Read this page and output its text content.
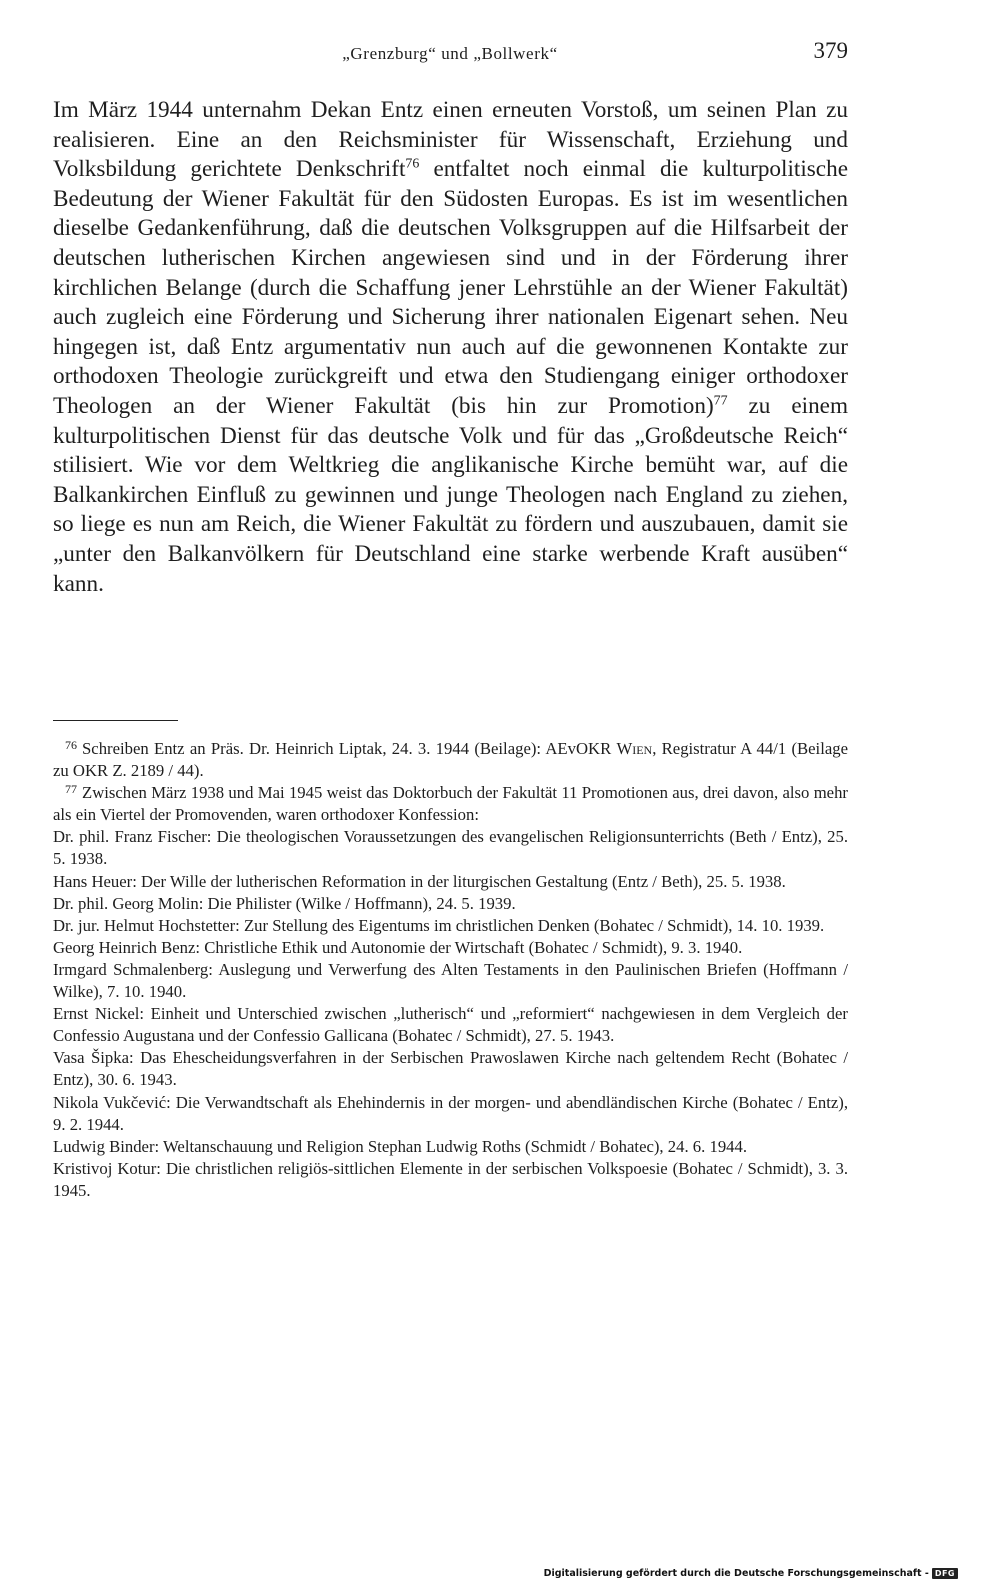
„Grenzburg“ und „Bollwerk“	379

Im März 1944 unternahm Dekan Entz einen erneuten Vorstoß, um seinen Plan zu realisieren. Eine an den Reichsminister für Wissenschaft, Erziehung und Volksbildung gerichtete Denkschrift$^{76}$ entfaltet noch einmal die kulturpolitische Bedeutung der Wiener Fakultät für den Südosten Europas. Es ist im wesentlichen dieselbe Gedankenführung, daß die deutschen Volksgruppen auf die Hilfsarbeit der deutschen lutherischen Kirchen angewiesen sind und in der Förderung ihrer kirchlichen Belange (durch die Schaffung jener Lehrstühle an der Wiener Fakultät) auch zugleich eine Förderung und Sicherung ihrer nationalen Eigenart sehen. Neu hingegen ist, daß Entz argumentativ nun auch auf die gewonnenen Kontakte zur orthodoxen Theologie zurückgreift und etwa den Studiengang einiger orthodoxer Theologen an der Wiener Fakultät (bis hin zur Promotion)$^{77}$ zu einem kulturpolitischen Dienst für das deutsche Volk und für das „Großdeutsche Reich“ stilisiert. Wie vor dem Weltkrieg die anglikanische Kirche bemüht war, auf die Balkankirchen Einfluß zu gewinnen und junge Theologen nach England zu ziehen, so liege es nun am Reich, die Wiener Fakultät zu fördern und auszubauen, damit sie „unter den Balkanvölkern für Deutschland eine starke werbende Kraft ausüben“ kann.

$^{76}$ Schreiben Entz an Präs. Dr. Heinrich Liptak, 24. 3. 1944 (Beilage): AEvOKR Wien, Registratur A 44/1 (Beilage zu OKR Z. 2189 / 44).

$^{77}$ Zwischen März 1938 und Mai 1945 weist das Doktorbuch der Fakultät 11 Promotionen aus, drei davon, also mehr als ein Viertel der Promovenden, waren orthodoxer Konfession:

Dr. phil. Franz Fischer: Die theologischen Voraussetzungen des evangelischen Religionsunterrichts (Beth / Entz), 25. 5. 1938.

Hans Heuer: Der Wille der lutherischen Reformation in der liturgischen Gestaltung (Entz / Beth), 25. 5. 1938.

Dr. phil. Georg Molin: Die Philister (Wilke / Hoffmann), 24. 5. 1939.

Dr. jur. Helmut Hochstetter: Zur Stellung des Eigentums im christlichen Denken (Bohatec / Schmidt), 14. 10. 1939.

Georg Heinrich Benz: Christliche Ethik und Autonomie der Wirtschaft (Bohatec / Schmidt), 9. 3. 1940.

Irmgard Schmalenberg: Auslegung und Verwerfung des Alten Testaments in den Paulinischen Briefen (Hoffmann / Wilke), 7. 10. 1940.

Ernst Nickel: Einheit und Unterschied zwischen „lutherisch“ und „reformiert“ nachgewiesen in dem Vergleich der Confessio Augustana und der Confessio Gallicana (Bohatec / Schmidt), 27. 5. 1943.

Vasa Šipka: Das Ehescheidungsverfahren in der Serbischen Prawoslawen Kirche nach geltendem Recht (Bohatec / Entz), 30. 6. 1943.

Nikola Vukčević: Die Verwandtschaft als Ehehindernis in der morgen- und abendländischen Kirche (Bohatec / Entz), 9. 2. 1944.

Ludwig Binder: Weltanschauung und Religion Stephan Ludwig Roths (Schmidt / Bohatec), 24. 6. 1944.

Kristivoj Kotur: Die christlichen religiös-sittlichen Elemente in der serbischen Volkspoesie (Bohatec / Schmidt), 3. 3. 1945.

Digitalisierung gefördert durch die Deutsche Forschungsgemeinschaft - DFG
